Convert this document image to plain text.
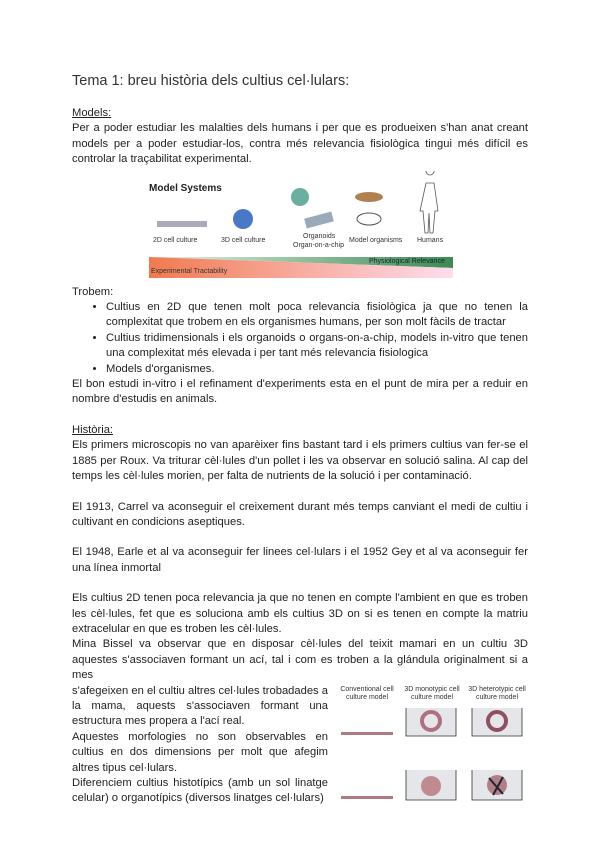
Tema 1: breu història dels cultius cel·lulars:
Models:
Per a poder estudiar les malalties dels humans i per que es produeixen s'han anat creant models per a poder estudiar-los, contra més relevancia fisiològica tingui més difícil es controlar la traçabilitat experimental.
Model Systems
2D cell culture	3D cell culture
Organoids
Organ-on-a-chip
Model organisms Humans
Experimental Tractability
Physiological Relevance
Trobem:
• Cultius en 2D que tenen molt poca relevancia fisiològica ja que no tenen la complexitat que trobem en els organismes humans, per son molt fàcils de tractar
• Cultius tridimensionals i els organoids o organs-on-a-chip, models in-vitro que tenen una complexitat més elevada i per tant més relevancia fisiologica
• Models d'organismes.
El bon estudi in-vitro i el refinament d'experiments esta en el punt de mira per a reduir en nombre d'estudis en animals.
Història:
Els primers microscopis no van aparèixer fins bastant tard i els primers cultius van fer-se el 1885 per Roux. Va triturar cèl·lules d'un pollet i les va observar en solució salina. Al cap del temps les cèl·lules morien, per falta de nutrients de la solució i per contaminació.
El 1913, Carrel va aconseguir el creixement durant més temps canviant el medi de cultiu i cultivant en condicions aseptiques.
El 1948, Earle et al va aconseguir fer linees cel·lulars i el 1952 Gey et al va aconseguir fer una línea inmortal
Els cultius 2D tenen poca relevancia ja que no tenen en compte l'ambient en que es troben les cèl·lules, fet que es soluciona amb els cultius 3D on si es tenen en compte la matriu extracelular en que es troben les cèl·lules.
Mina Bissel va observar que en disposar cèl·lules del teixit mamari en un cultiu 3D aquestes s'associaven formant un ací, tal i com es troben a la glándula originalment si a mes
Conventional cell culture model
3D monotypic cell culture model
3D heterotypic cell culture model
s'afegeixen en el cultiu altres cel·lules trobadades a la mama, aquests s'associaven formant una estructura mes propera a l'ací real.
Aquestes morfologies no son observables en cultius en dos dimensions per molt que afegim altres tipus cel·lulars.
Diferenciem cultius histotípics (amb un sol linatge celular) o organotípics (diversos linatges cel·lulars)
